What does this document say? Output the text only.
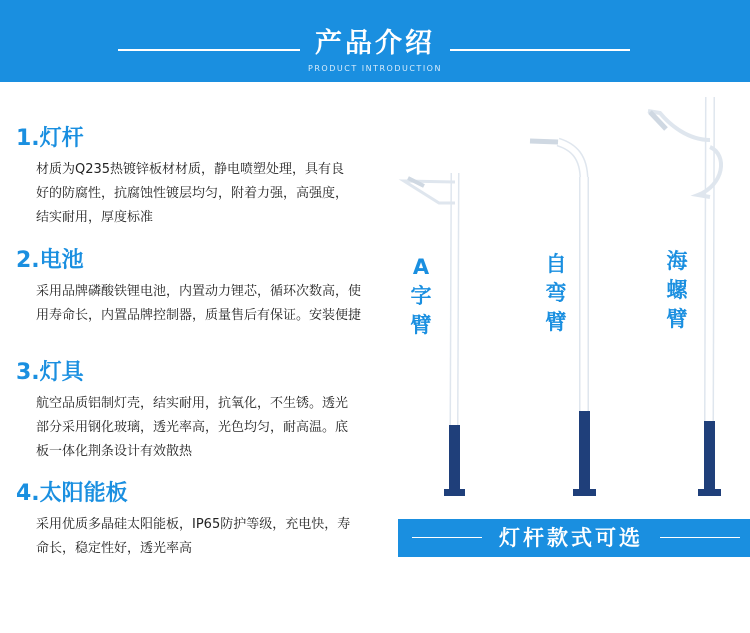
产品介绍
PRODUCT INTRODUCTION
1.灯杆

材质为Q235热镀锌板材材质，静电喷塑处理，具有良
好的防腐性，抗腐蚀性镀层均匀，附着力强，高强度，
结实耐用，厚度标准

2.电池

采用品牌磷酸铁锂电池，内置动力锂芯，循环次数高，使
用寿命长，内置品牌控制器，质量售后有保证。安装便捷

3.灯具

航空品质铝制灯壳，结实耐用，抗氧化，不生锈。透光
部分采用钢化玻璃，透光率高，光色均匀，耐高温。底
板一体化荆条设计有效散热

4.太阳能板

采用优质多晶硅太阳能板，IP65防护等级，充电快，寿
命长，稳定性好，透光率高

A
字
臂
自
弯
臂
海
螺
臂
灯杆款式可选
